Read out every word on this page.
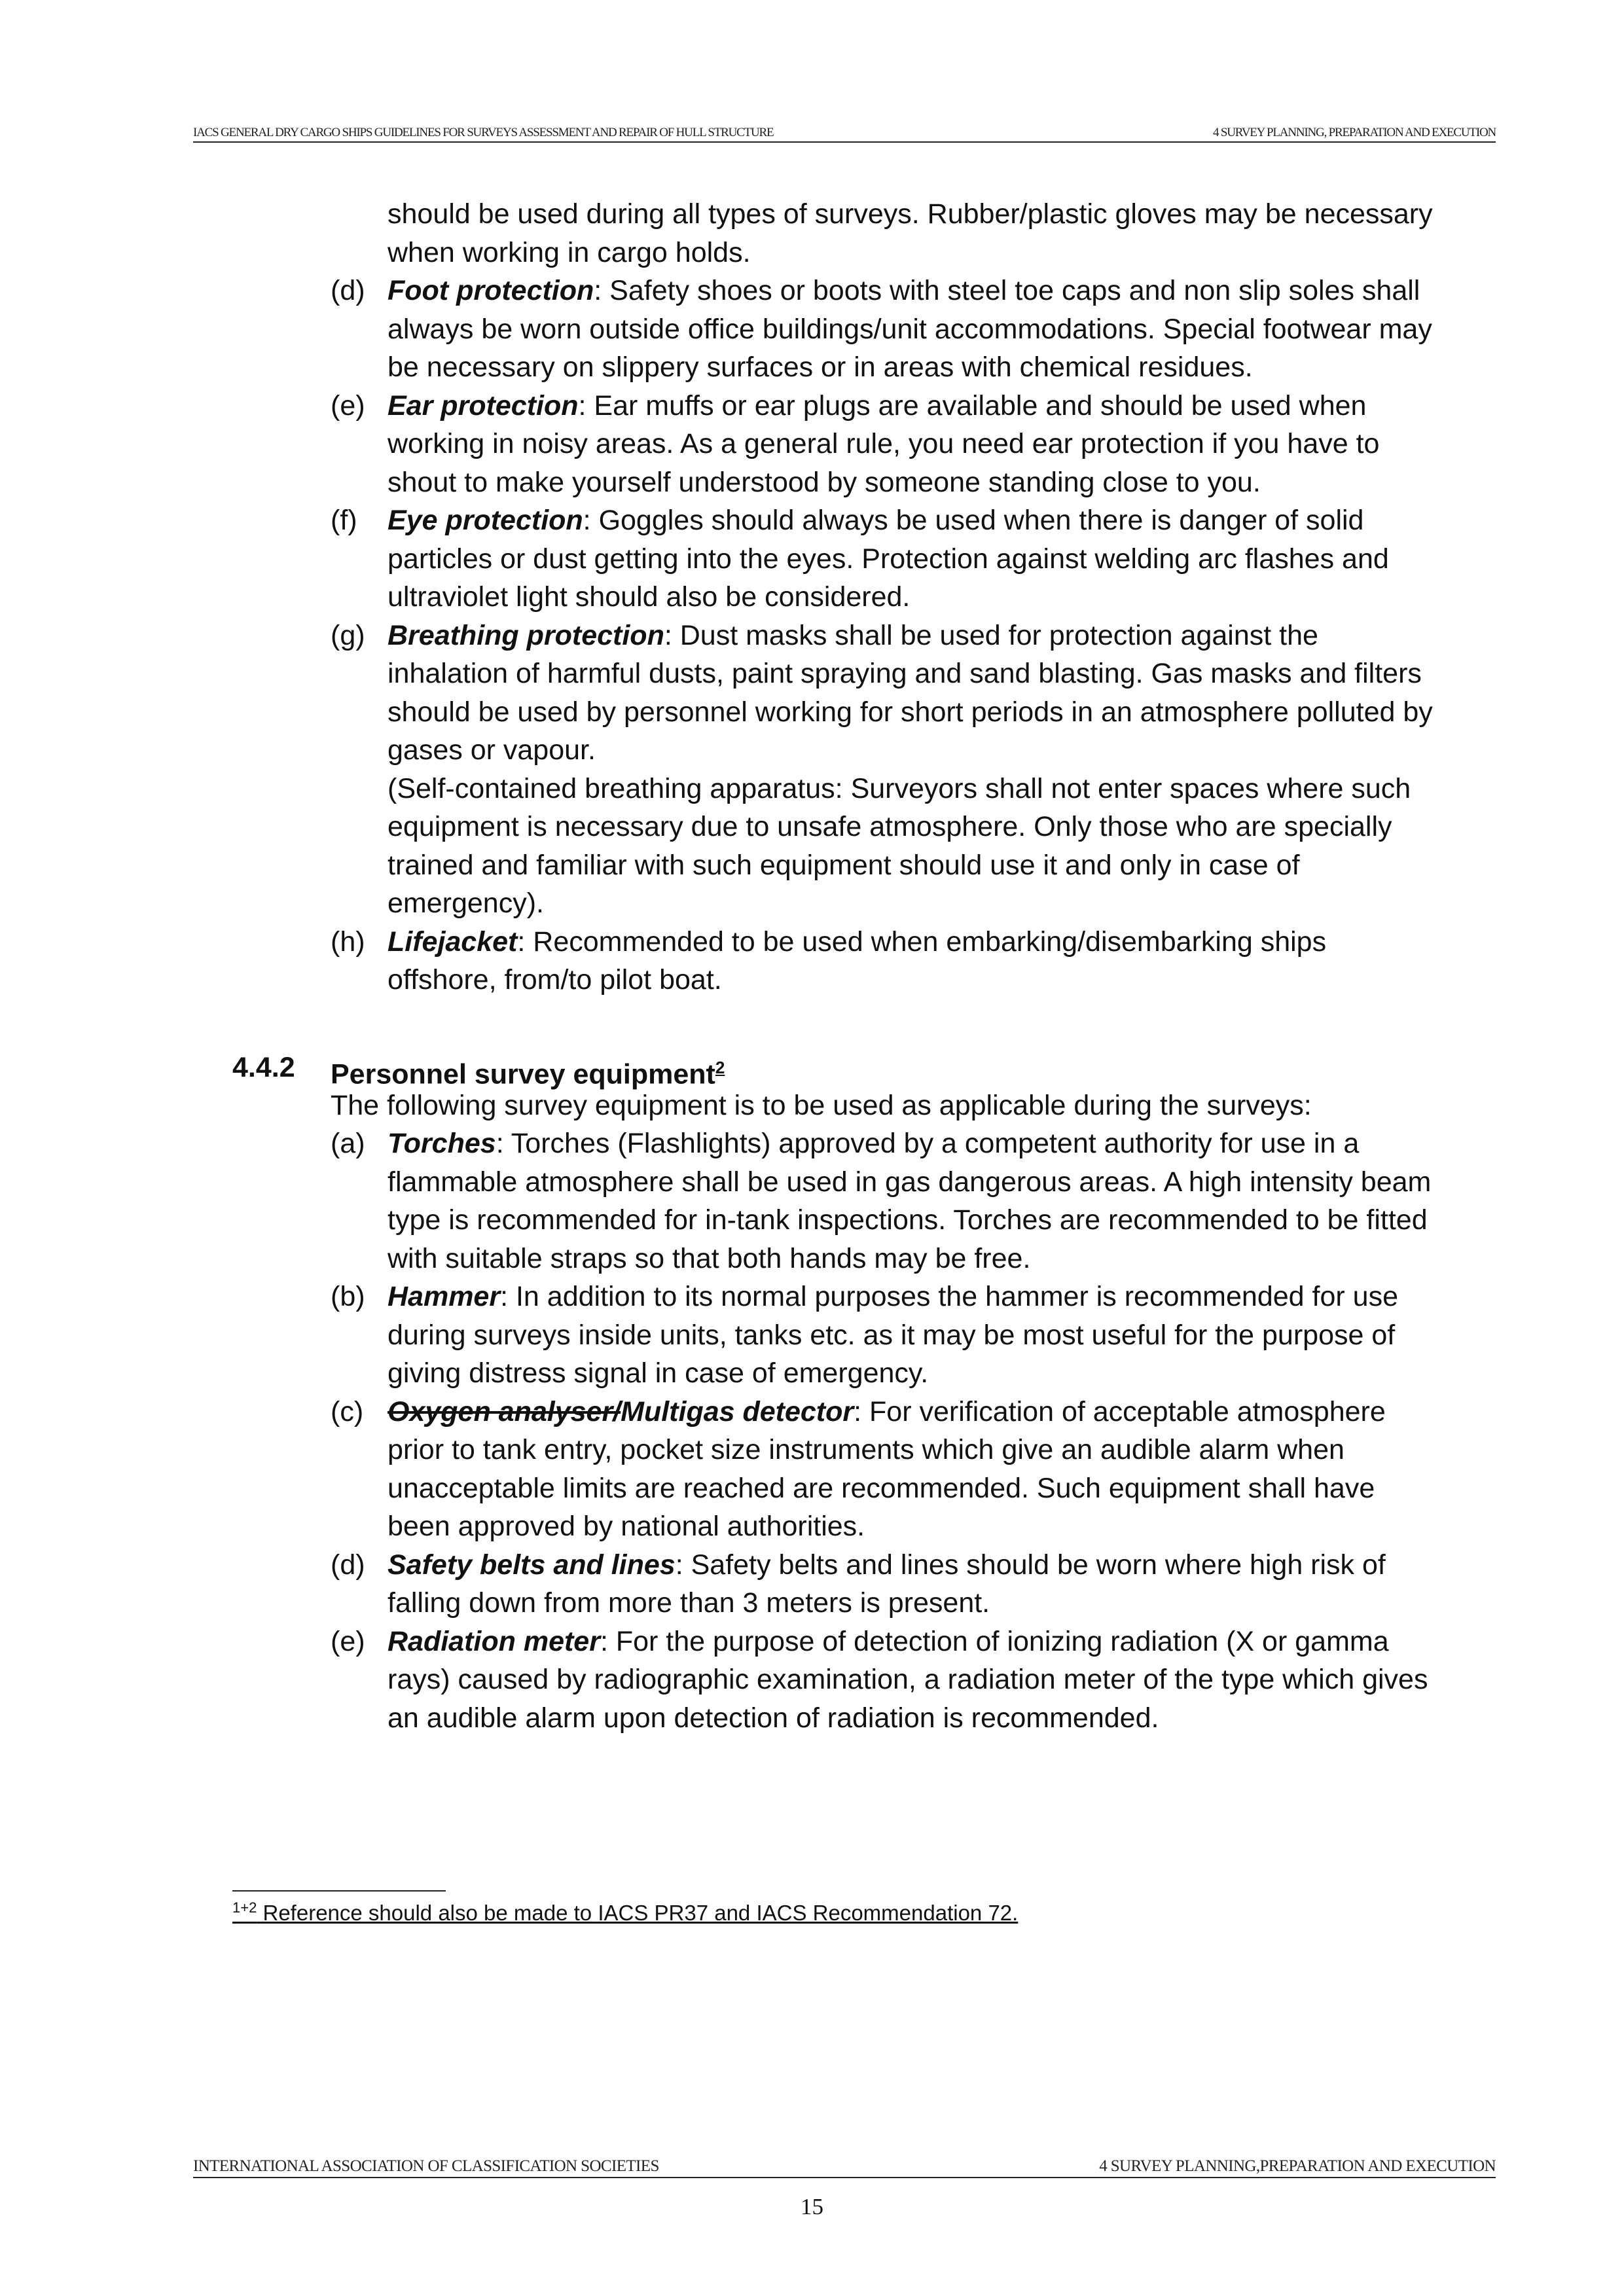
IACS GENERAL DRY CARGO SHIPS GUIDELINES FOR SURVEYS ASSESSMENT AND REPAIR OF HULL STRUCTURE	4 SURVEY PLANNING, PREPARATION AND EXECUTION
should be used during all types of surveys. Rubber/plastic gloves may be necessary
when working in cargo holds.
(d) Foot protection: Safety shoes or boots with steel toe caps and non slip soles shall
always be worn outside office buildings/unit accommodations. Special footwear may
be necessary on slippery surfaces or in areas with chemical residues.
(e) Ear protection: Ear muffs or ear plugs are available and should be used when
working in noisy areas. As a general rule, you need ear protection if you have to
shout to make yourself understood by someone standing close to you.
(f) Eye protection: Goggles should always be used when there is danger of solid
particles or dust getting into the eyes. Protection against welding arc flashes and
ultraviolet light should also be considered.
(g) Breathing protection: Dust masks shall be used for protection against the
inhalation of harmful dusts, paint spraying and sand blasting. Gas masks and filters
should be used by personnel working for short periods in an atmosphere polluted by
gases or vapour.
(Self-contained breathing apparatus: Surveyors shall not enter spaces where such
equipment is necessary due to unsafe atmosphere. Only those who are specially
trained and familiar with such equipment should use it and only in case of
emergency).
(h) Lifejacket: Recommended to be used when embarking/disembarking ships
offshore, from/to pilot boat.
4.4.2 Personnel survey equipment$^2$
The following survey equipment is to be used as applicable during the surveys:
(a) Torches: Torches (Flashlights) approved by a competent authority for use in a
flammable atmosphere shall be used in gas dangerous areas. A high intensity beam
type is recommended for in-tank inspections. Torches are recommended to be fitted
with suitable straps so that both hands may be free.
(b) Hammer: In addition to its normal purposes the hammer is recommended for use
during surveys inside units, tanks etc. as it may be most useful for the purpose of
giving distress signal in case of emergency.
(c) Oxygen analyser/Multigas detector: For verification of acceptable atmosphere
prior to tank entry, pocket size instruments which give an audible alarm when
unacceptable limits are reached are recommended. Such equipment shall have
been approved by national authorities.
(d) Safety belts and lines: Safety belts and lines should be worn where high risk of
falling down from more than 3 meters is present.
(e) Radiation meter: For the purpose of detection of ionizing radiation (X or gamma
rays) caused by radiographic examination, a radiation meter of the type which gives
an audible alarm upon detection of radiation is recommended.
$^{1+2}$ Reference should also be made to IACS PR37 and IACS Recommendation 72.
INTERNATIONAL ASSOCIATION OF CLASSIFICATION SOCIETIES	4 SURVEY PLANNING,PREPARATION AND EXECUTION
15
